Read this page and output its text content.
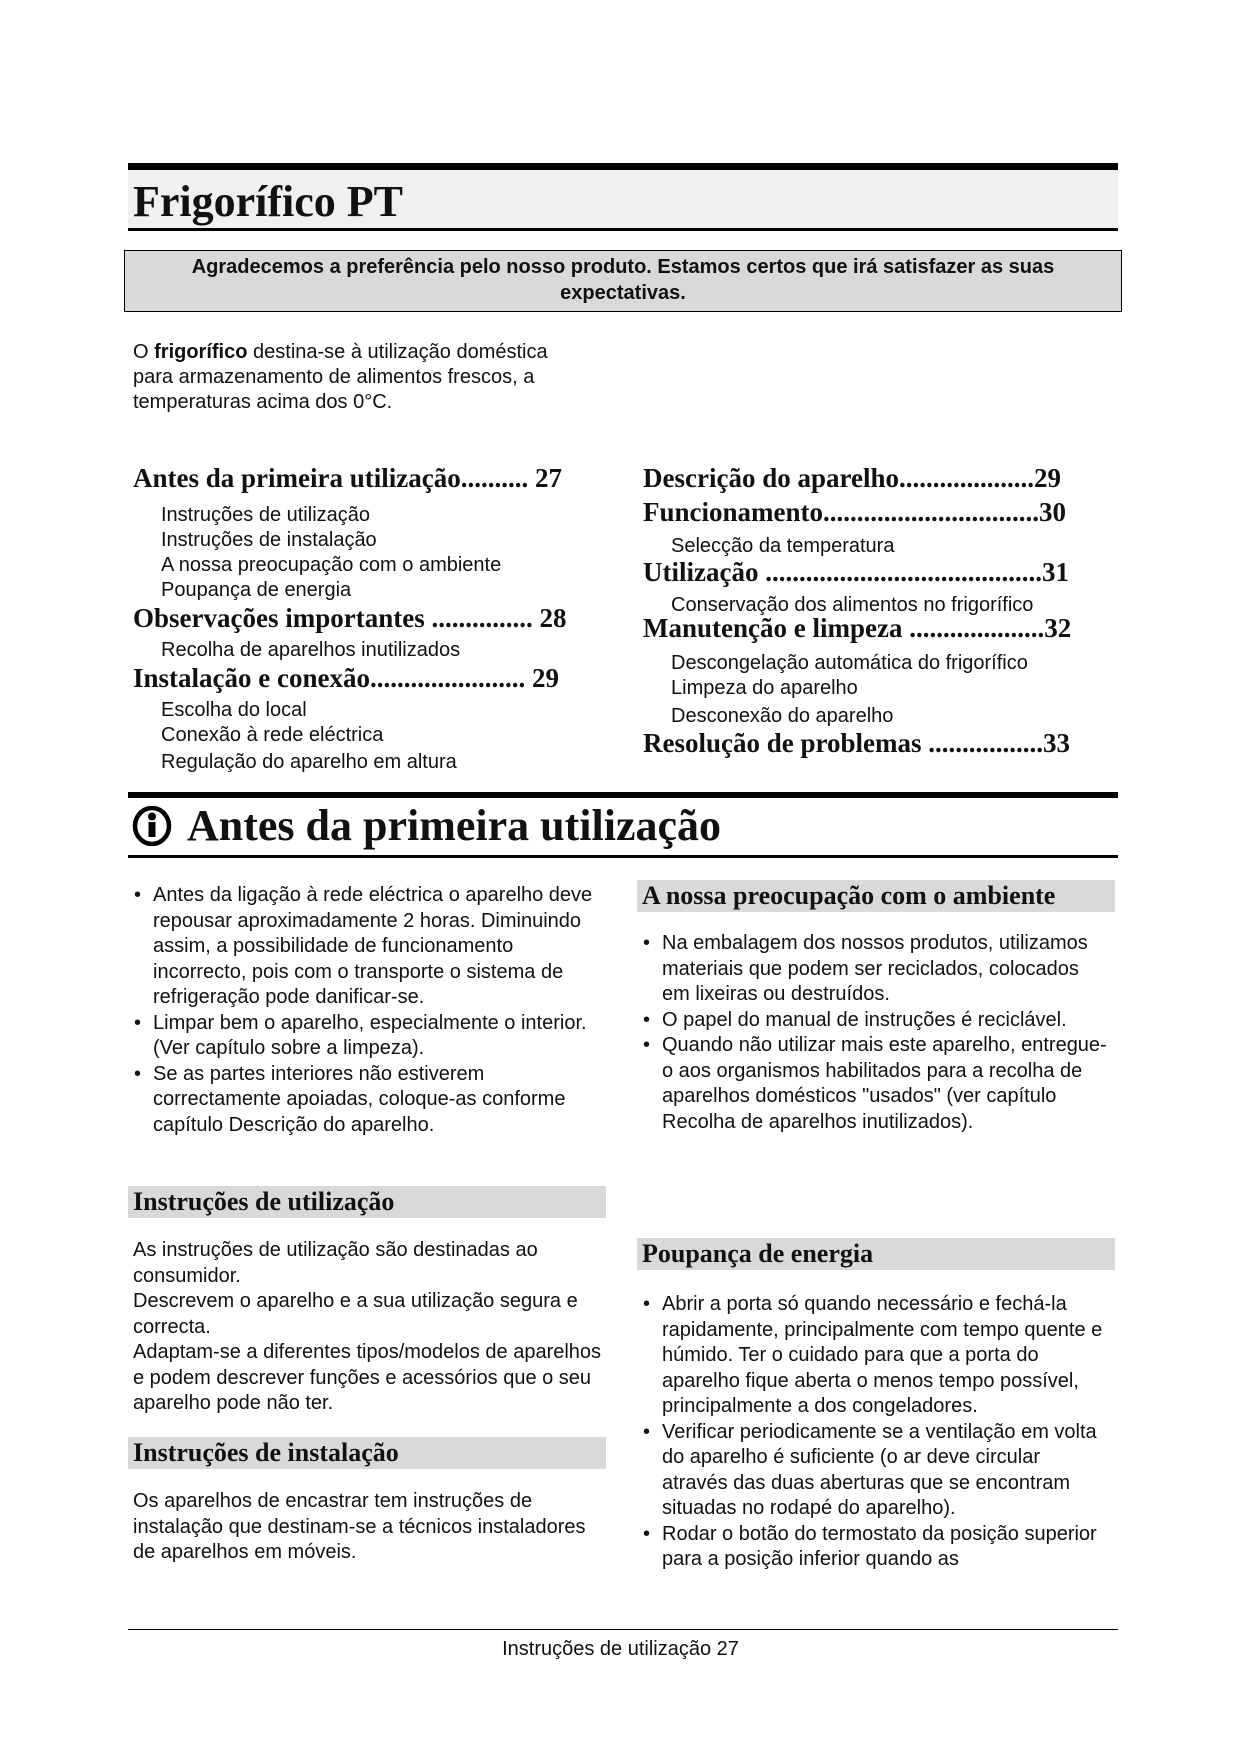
Frigorífico PT
Agradecemos a preferência pelo nosso produto. Estamos certos que irá satisfazer as suas expectativas.
O frigorífico destina-se à utilização doméstica para armazenamento de alimentos frescos, a temperaturas acima dos 0°C.
Antes da primeira utilização.......... 27
Instruções de utilização
Instruções de instalação
A nossa preocupação com o ambiente
Poupança de energia
Observações importantes ............... 28
Recolha de aparelhos inutilizados
Instalação e conexão....................... 29
Escolha do local
Conexão à rede eléctrica
Regulação do aparelho em altura
Descrição do aparelho....................29
Funcionamento................................30
Selecção da temperatura
Utilização .........................................31
Conservação dos alimentos no frigorífico
Manutenção e limpeza ....................32
Descongelação automática do frigorífico
Limpeza do aparelho
Desconexão do aparelho
Resolução de problemas .................33
Antes da primeira utilização
• Antes da ligação à rede eléctrica o aparelho deve repousar aproximadamente 2 horas. Diminuindo assim, a possibilidade de funcionamento incorrecto, pois com o transporte o sistema de refrigeração pode danificar-se.
• Limpar bem o aparelho, especialmente o interior. (Ver capítulo sobre a limpeza).
• Se as partes interiores não estiverem correctamente apoiadas, coloque-as conforme capítulo Descrição do aparelho.
Instruções de utilização
As instruções de utilização são destinadas ao consumidor.
Descrevem o aparelho e a sua utilização segura e correcta.
Adaptam-se a diferentes tipos/modelos de aparelhos e podem descrever funções e acessórios que o seu aparelho pode não ter.
Instruções de instalação
Os aparelhos de encastrar tem instruções de instalação que destinam-se a técnicos instaladores de aparelhos em móveis.
A nossa preocupação com o ambiente
• Na embalagem dos nossos produtos, utilizamos materiais que podem ser reciclados, colocados em lixeiras ou destruídos.
• O papel do manual de instruções é reciclável.
• Quando não utilizar mais este aparelho, entregue-o aos organismos habilitados para a recolha de aparelhos domésticos "usados" (ver capítulo Recolha de aparelhos inutilizados).
Poupança de energia
• Abrir a porta só quando necessário e fechá-la rapidamente, principalmente com tempo quente e húmido. Ter o cuidado para que a porta do aparelho fique aberta o menos tempo possível, principalmente a dos congeladores.
• Verificar periodicamente se a ventilação em volta do aparelho é suficiente (o ar deve circular através das duas aberturas que se encontram situadas no rodapé do aparelho).
• Rodar o botão do termostato da posição superior para a posição inferior quando as
Instruções de utilização 27
